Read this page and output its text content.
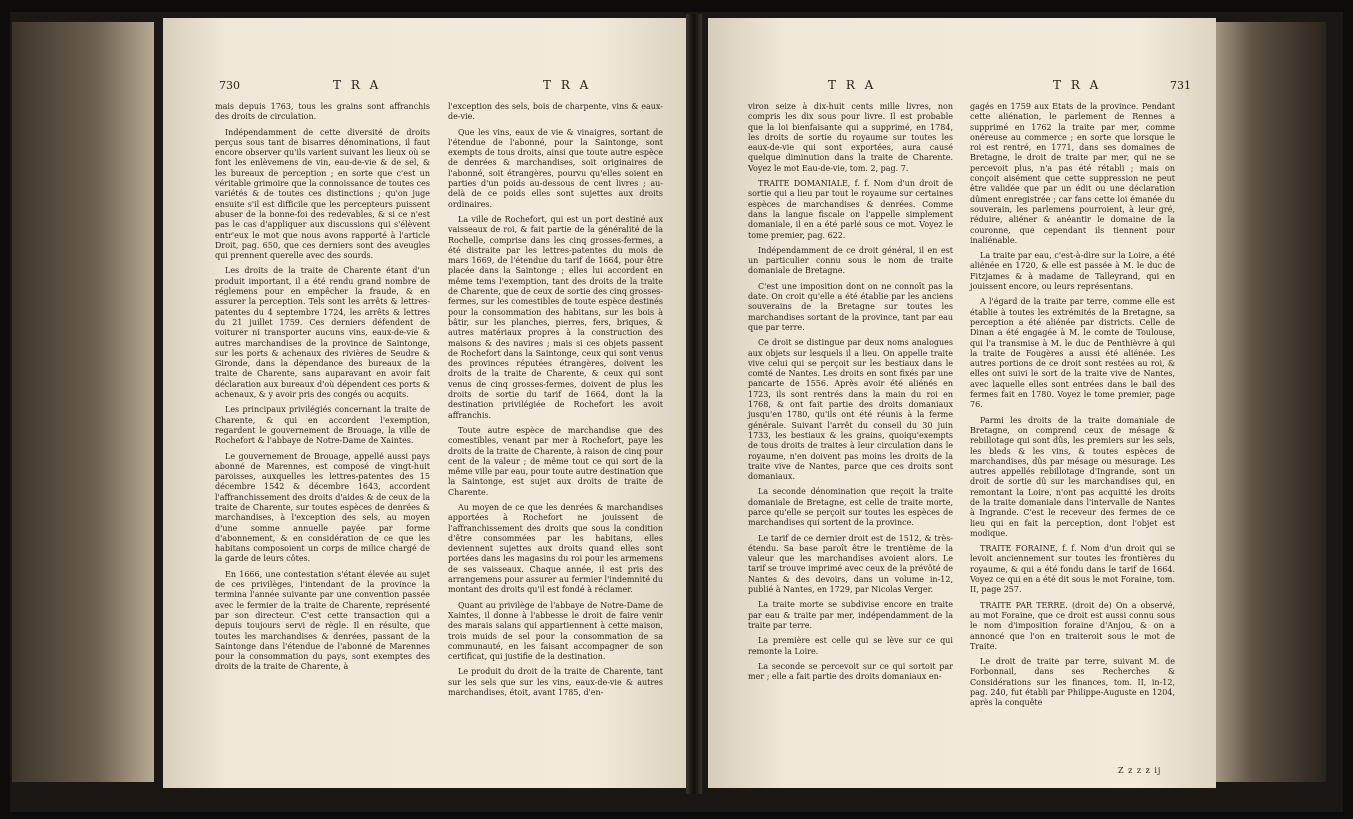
730	T R A	T R A

mais depuis 1763, tous les grains sont affranchis des droits de circulation.

Indépendamment de cette diversité de droits perçus sous tant de bisarres dénominations, il faut encore observer qu'ils varient suivant les lieux où se font les enlèvemens de vin, eau-de-vie & de sel, & les bureaux de perception ; en sorte que c'est un véritable grimoire que la connoissance de toutes ces variétés & de toutes ces distinctions ; qu'on juge ensuite s'il est difficile que les percepteurs puissent abuser de la bonne-foi des redevables, & si ce n'est pas le cas d'appliquer aux discussions qui s'élèvent entr'eux le mot que nous avons rapporté à l'article Droit, pag. 650, que ces derniers sont des aveugles qui prennent querelle avec des sourds.

Les droits de la traite de Charente étant d'un produit important, il a été rendu grand nombre de réglemens pour en empêcher la fraude, & en assurer la perception. Tels sont les arrêts & lettres-patentes du 4 septembre 1724, les arrêts & lettres du 21 juillet 1759. Ces derniers défendent de voiturer ni transporter aucuns vins, eaux-de-vie & autres marchandises de la province de Saintonge, sur les ports & achenaux des rivières de Seudre & Gironde, dans la dépendance des bureaux de la traite de Charente, sans auparavant en avoir fait déclaration aux bureaux d'où dépendent ces ports & achenaux, & y avoir pris des congés ou acquits.

Les principaux privilégiés concernant la traite de Charente, & qui en accordent l'exemption, regardent le gouvernement de Brouage, la ville de Rochefort & l'abbaye de Notre-Dame de Xaintes.

Le gouvernement de Brouage, appellé aussi pays abonné de Marennes, est composé de vingt-huit paroisses, auxquelles les lettres-patentes des 15 décembre 1542 & décembre 1643, accordent l'affranchissement des droits d'aides & de ceux de la traite de Charente, sur toutes espèces de denrées & marchandises, à l'exception des sels, au moyen d'une somme annuelle payée par forme d'abonnement, & en considération de ce que les habitans composoient un corps de milice chargé de la garde de leurs côtes.

En 1666, une contestation s'étant élevée au sujet de ces privilèges, l'intendant de la province la termina l'année suivante par une convention passée avec le fermier de la traite de Charente, représenté par son directeur. C'est cette transaction qui a depuis toujours servi de règle. Il en résulte, que toutes les marchandises & denrées, passant de la Saintonge dans l'étendue de l'abonné de Marennes pour la consommation du pays, sont exemptes des droits de la traite de Charente, à

l'exception des sels, bois de charpente, vins & eaux-de-vie.

Que les vins, eaux de vie & vinaigres, sortant de l'étendue de l'abonné, pour la Saintonge, sont exempts de tous droits, ainsi que toute autre espèce de denrées & marchandises, soit originaires de l'abonné, soit étrangères, pourvu qu'elles soient en parties d'un poids au-dessous de cent livres ; au-delà de ce poids elles sont sujettes aux droits ordinaires.

La ville de Rochefort, qui est un port destiné aux vaisseaux de roi, & fait partie de la généralité de la Rochelle, comprise dans les cinq grosses-fermes, a été distraite par les lettres-patentes du mois de mars 1669, de l'étendue du tarif de 1664, pour être placée dans la Saintonge ; elles lui accordent en même tems l'exemption, tant des droits de la traite de Charente, que de ceux de sortie des cinq grosses-fermes, sur les comestibles de toute espèce destinés pour la consommation des habitans, sur les bois à bâtir, sur les planches, pierres, fers, briques, & autres matériaux propres à la construction des maisons & des navires ; mais si ces objets passent de Rochefort dans la Saintonge, ceux qui sont venus des provinces réputées étrangères, doivent les droits de la traite de Charente, & ceux qui sont venus de cinq grosses-fermes, doivent de plus les droits de sortie du tarif de 1664, dont la la destination privilégiée de Rochefort les avoit affranchis.

Toute autre espèce de marchandise que des comestibles, venant par mer à Rochefort, paye les droits de la traite de Charente, à raison de cinq pour cent de la valeur ; de même tout ce qui sort de la même ville par eau, pour toute autre destination que la Saintonge, est sujet aux droits de traite de Charente.

Au moyen de ce que les denrées & marchandises apportées à Rochefort ne jouissent de l'affranchissement des droits que sous la condition d'être consommées par les habitans, elles deviennent sujettes aux droits quand elles sont portées dans les magasins du roi pour les armemens de ses vaisseaux. Chaque année, il est pris des arrangemens pour assurer au fermier l'indemnité du montant des droits qu'il est fondé à réclamer.

Quant au privilège de l'abbaye de Notre-Dame de Xaintes, il donne à l'abbesse le droit de faire venir des marais salans qui appartiennent à cette maison, trois muids de sel pour la consommation de sa communauté, en les faisant accompagner de son certificat, qui justifie de la destination.

Le produit du droit de la traite de Charente, tant sur les sels que sur les vins, eaux-de-vie & autres marchandises, étoit, avant 1785, d'en-

T R A	T R A	731

viron seize à dix-huit cents mille livres, non compris les dix sous pour livre. Il est probable que la loi bienfaisante qui a supprimé, en 1784, les droits de sortie du royaume sur toutes les eaux-de-vie qui sont exportées, aura causé quelque diminution dans la traite de Charente. Voyez le mot Eau-de-vie, tom. 2, pag. 7.

TRAITE DOMANIALE, f. f. Nom d'un droit de sortie qui a lieu par tout le royaume sur certaines espèces de marchandises & denrées. Comme dans la langue fiscale on l'appelle simplement domaniale, il en a été parlé sous ce mot. Voyez le tome premier, pag. 622.

Indépendamment de ce droit général, il en est un particulier connu sous le nom de traite domaniale de Bretagne.

C'est une imposition dont on ne connoît pas la date. On croit qu'elle a été établie par les anciens souverains de la Bretagne sur toutes les marchandises sortant de la province, tant par eau que par terre.

Ce droit se distingue par deux noms analogues aux objets sur lesquels il a lieu. On appelle traite vive celui qui se perçoit sur les bestiaux dans le comté de Nantes. Les droits en sont fixés par une pancarte de 1556. Après avoir été aliénés en 1723, ils sont rentrés dans la main du roi en 1768, & ont fait partie des droits domaniaux jusqu'en 1780, qu'ils ont été réunis à la ferme générale. Suivant l'arrêt du conseil du 30 juin 1733, les bestiaux & les grains, quoiqu'exempts de tous droits de traites à leur circulation dans le royaume, n'en doivent pas moins les droits de la traite vive de Nantes, parce que ces droits sont domaniaux.

La seconde dénomination que reçoit la traite domaniale de Bretagne, est celle de traite morte, parce qu'elle se perçoit sur toutes les espèces de marchandises qui sortent de la province.

Le tarif de ce dernier droit est de 1512, & très-étendu. Sa base paroît être le trentième de la valeur que les marchandises avoient alors. Le tarif se trouve imprimé avec ceux de la prévôté de Nantes & des devoirs, dans un volume in-12, publié à Nantes, en 1729, par Nicolas Verger.

La traite morte se subdivise encore en traite par eau & traite par mer, indépendamment de la traite par terre.

La première est celle qui se lève sur ce qui remonte la Loire.

La seconde se percevoit sur ce qui sortoit par mer ; elle a fait partie des droits domaniaux en-

gagés en 1759 aux Etats de la province. Pendant cette aliénation, le parlement de Rennes a supprimé en 1762 la traite par mer, comme onéreuse au commerce ; en sorte que lorsque le roi est rentré, en 1771, dans ses domaines de Bretagne, le droit de traite par mer, qui ne se percevoit plus, n'a pas été rétabli ; mais on conçoit aisément que cette suppression ne peut être validée que par un édit ou une déclaration dûment enregistrée ; car fans cette loi émanée du souverain, les parlemens pourroient, à leur gré, réduire, aliéner & anéantir le domaine de la couronne, que cependant ils tiennent pour inaliénable.

La traite par eau, c'est-à-dire sur la Loire, a été aliénée en 1720, & elle est passée à M. le duc de Fitzjames & à madame de Talleyrand, qui en jouissent encore, ou leurs représentans.

A l'égard de la traite par terre, comme elle est établie à toutes les extrémités de la Bretagne, sa perception a été aliénée par districts. Celle de Dinan a été engagée à M. le comte de Toulouse, qui l'a transmise à M. le duc de Penthièvre à qui la traite de Fougères a aussi été aliénée. Les autres portions de ce droit sont restées au roi, & elles ont suivi le sort de la traite vive de Nantes, avec laquelle elles sont entrées dans le bail des fermes fait en 1780. Voyez le tome premier, page 76.

Parmi les droits de la traite domaniale de Bretagne, on comprend ceux de mésage & rebillotage qui sont dûs, les premiers sur les sels, les bleds & les vins, & toutes espèces de marchandises, dûs par mésage ou mesurage. Les autres appellés rebillotage d'Ingrande, sont un droit de sortie dû sur les marchandises qui, en remontant la Loire, n'ont pas acquitté les droits de la traite domaniale dans l'intervalle de Nantes à Ingrande. C'est le receveur des fermes de ce lieu qui en fait la perception, dont l'objet est modique.

TRAITE FORAINE, f. f. Nom d'un droit qui se levoit anciennement sur toutes les frontières du royaume, & qui a été fondu dans le tarif de 1664. Voyez ce qui en a été dit sous le mot Foraine, tom. II, page 257.

TRAITE PAR TERRE. (droit de) On a observé, au mot Foraine, que ce droit est aussi connu sous le nom d'imposition foraine d'Anjou, & on a annoncé que l'on en traiteroit sous le mot de Traite.

Le droit de traite par terre, suivant M. de Forbonnail, dans ses Recherches & Considérations sur les finances, tom. II, in-12, pag. 240, fut établi par Philippe-Auguste en 1204, après la conquête

Z z z z ij
